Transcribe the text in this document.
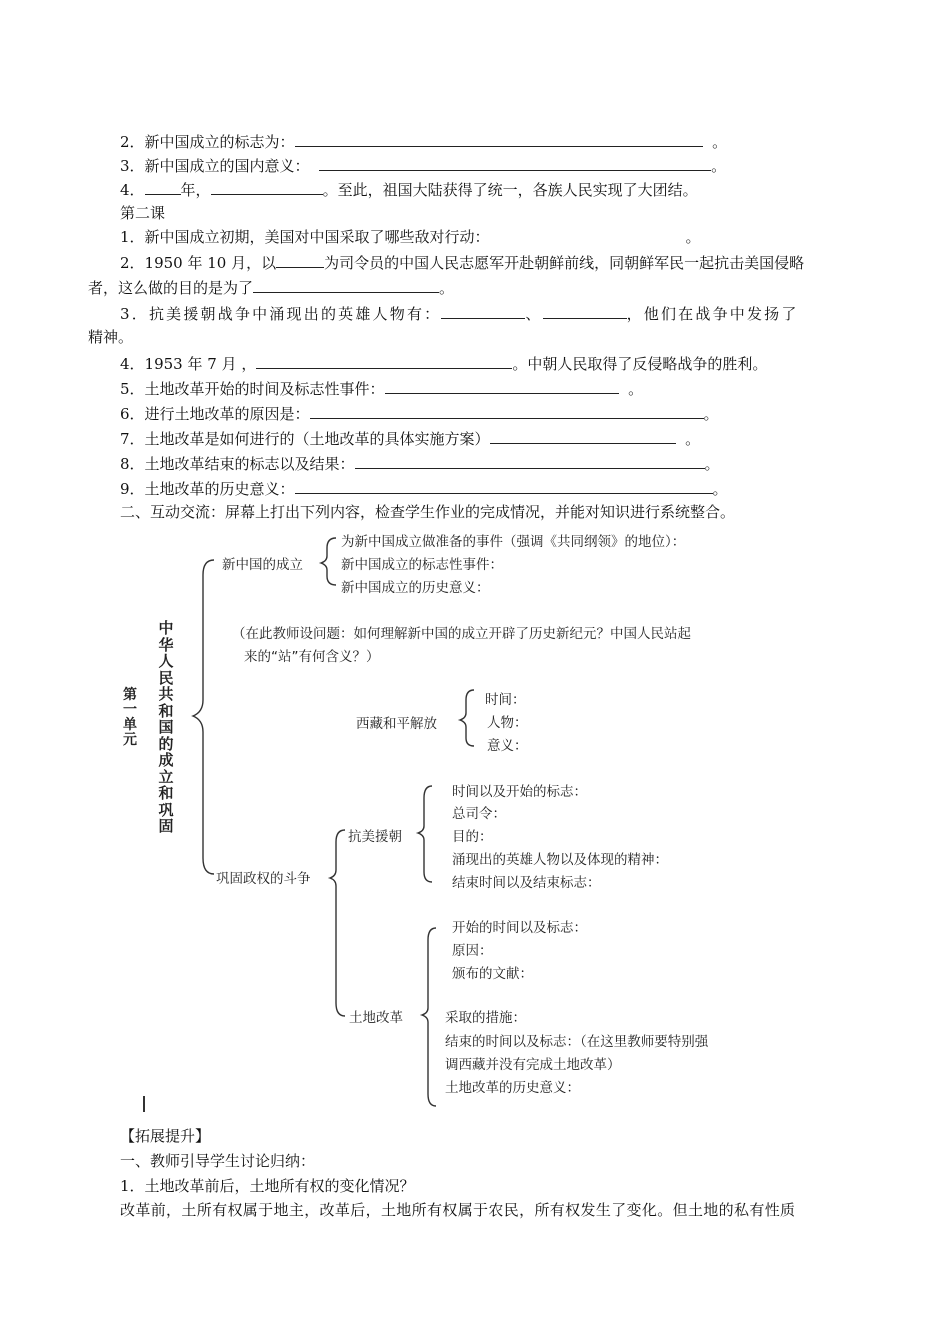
2．新中国成立的标志为：	。
3．新中国成立的国内意义：	。
4． 年，	。至此，祖国大陆获得了统一，各族人民实现了大团结。
第二课
1．新中国成立初期，美国对中国采取了哪些敌对行动：	。
2．1950 年 10 月，以	为司令员的中国人民志愿军开赴朝鲜前线，同朝鲜军民一起抗击美国侵略
者，这么做的目的是为了	。
3．抗美援朝战争中涌现出的英雄人物有：	、	，他们在战争中发扬了
精神。
4．1953 年 7 月 ，	。中朝人民取得了反侵略战争的胜利。
5．土地改革开始的时间及标志性事件：	。
6．进行土地改革的原因是：	。
7．土地改革是如何进行的（土地改革的具体实施方案）	。
8．土地改革结束的标志以及结果：	。
9．土地改革的历史意义：	。
二、互动交流：屏幕上打出下列内容，检查学生作业的完成情况，并能对知识进行系统整合。
第
一
单
元
中
华
人
民
共
和
国
的
成
立
和
巩
固
新中国的成立
为新中国成立做准备的事件（强调《共同纲领》的地位）：
新中国成立的标志性事件：
新中国成立的历史意义：
（在此教师设问题：如何理解新中国的成立开辟了历史新纪元？中国人民站起
来的“站”有何含义？）
西藏和平解放
时间：
人物：
意义：
巩固政权的斗争
抗美援朝
时间以及开始的标志：
总司令：
目的：
涌现出的英雄人物以及体现的精神：
结束时间以及结束标志：
土地改革
开始的时间以及标志：
原因：
颁布的文献：
采取的措施：
结束的时间以及标志：（在这里教师要特别强
调西藏并没有完成土地改革）
土地改革的历史意义：
【拓展提升】
一、教师引导学生讨论归纳：
1．土地改革前后，土地所有权的变化情况？
改革前，土所有权属于地主，改革后，土地所有权属于农民，所有权发生了变化。但土地的私有性质
